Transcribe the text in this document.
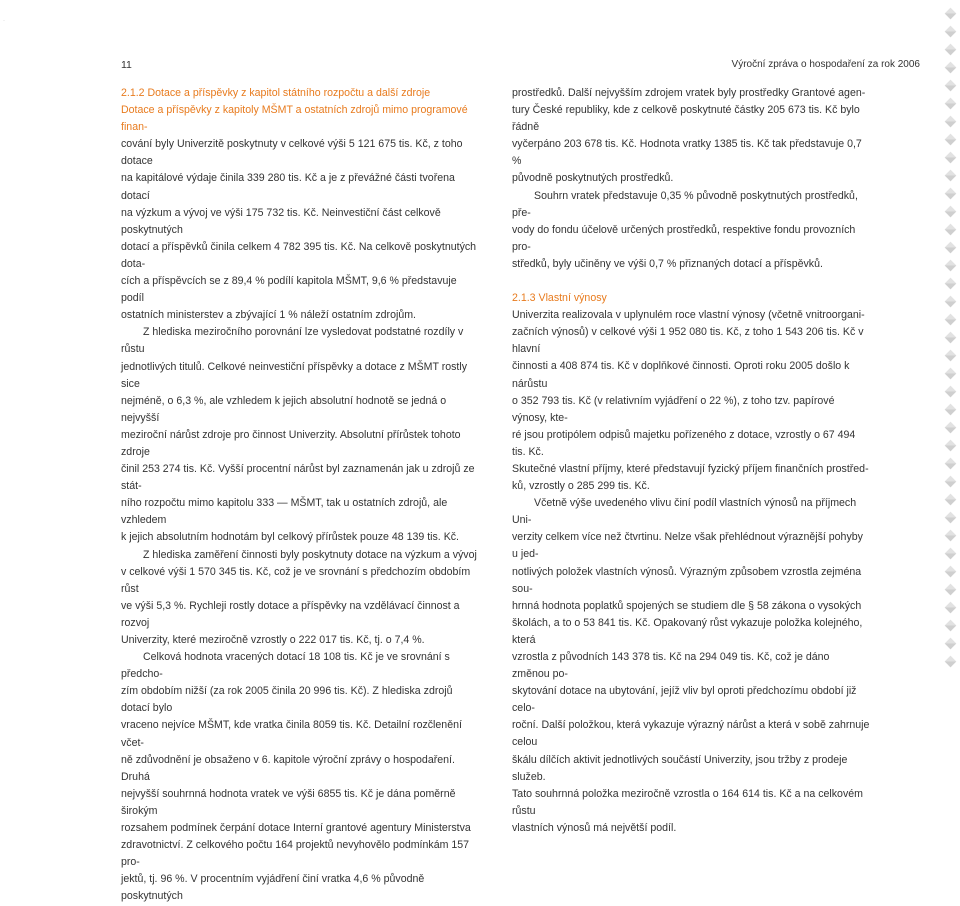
·
11	Výroční zpráva o hospodaření za rok 2006

2.1.2 Dotace a příspěvky z kapitol státního rozpočtu a další zdroje

Dotace a příspěvky z kapitoly MŠMT a ostatních zdrojů mimo programové finan-

cování byly Univerzitě poskytnuty v celkové výši 5 121 675 tis. Kč, z toho dotace

na kapitálové výdaje činila 339 280 tis. Kč a je z převážné části tvořena dotací

na výzkum a vývoj ve výši 175 732 tis. Kč. Neinvestiční část celkově poskytnutých

dotací a příspěvků činila celkem 4 782 395 tis. Kč. Na celkově poskytnutých dota-

cích a příspěvcích se z 89,4 % podílí kapitola MŠMT, 9,6 % představuje podíl

ostatních ministerstev a zbývající 1 % náleží ostatním zdrojům.

Z hlediska meziročního porovnání lze vysledovat podstatné rozdíly v růstu

jednotlivých titulů. Celkové neinvestiční příspěvky a dotace z MŠMT rostly sice

nejméně, o 6,3 %, ale vzhledem k jejich absolutní hodnotě se jedná o nejvyšší

meziroční nárůst zdroje pro činnost Univerzity. Absolutní přírůstek tohoto zdroje

činil 253 274 tis. Kč. Vyšší procentní nárůst byl zaznamenán jak u zdrojů ze stát-

ního rozpočtu mimo kapitolu 333 — MŠMT, tak u ostatních zdrojů, ale vzhledem

k jejich absolutním hodnotám byl celkový přírůstek pouze 48 139 tis. Kč.

Z hlediska zaměření činnosti byly poskytnuty dotace na výzkum a vývoj

v celkové výši 1 570 345 tis. Kč, což je ve srovnání s předchozím obdobím růst

ve výši 5,3 %. Rychleji rostly dotace a příspěvky na vzdělávací činnost a rozvoj

Univerzity, které meziročně vzrostly o 222 017 tis. Kč, tj. o 7,4 %.

Celková hodnota vracených dotací 18 108 tis. Kč je ve srovnání s předcho-

zím obdobím nižší (za rok 2005 činila 20 996 tis. Kč). Z hlediska zdrojů dotací bylo

vraceno nejvíce MŠMT, kde vratka činila 8059 tis. Kč. Detailní rozčlenění včet-

ně zdůvodnění je obsaženo v 6. kapitole výroční zprávy o hospodaření. Druhá

nejvyšší souhrnná hodnota vratek ve výši 6855 tis. Kč je dána poměrně širokým

rozsahem podmínek čerpání dotace Interní grantové agentury Ministerstva

zdravotnictví. Z celkového počtu 164 projektů nevyhovělo podmínkám 157 pro-

jektů, tj. 96 %. V procentním vyjádření činí vratka 4,6 % původně poskytnutých

prostředků. Další nejvyšším zdrojem vratek byly prostředky Grantové agen-

tury České republiky, kde z celkově poskytnuté částky 205 673 tis. Kč bylo řádně

vyčerpáno 203 678 tis. Kč. Hodnota vratky 1385 tis. Kč tak představuje 0,7 %

původně poskytnutých prostředků.

Souhrn vratek představuje 0,35 % původně poskytnutých prostředků, pře-

vody do fondu účelově určených prostředků, respektive fondu provozních pro-

středků, byly učiněny ve výši 0,7 % přiznaných dotací a příspěvků.

2.1.3 Vlastní výnosy

Univerzita realizovala v uplynulém roce vlastní výnosy (včetně vnitroorgani-

začních výnosů) v celkové výši 1 952 080 tis. Kč, z toho 1 543 206 tis. Kč v hlavní

činnosti a 408 874 tis. Kč v doplňkové činnosti. Oproti roku 2005 došlo k nárůstu

o 352 793 tis. Kč (v relativním vyjádření o 22 %), z toho tzv. papírové výnosy, kte-

ré jsou protipólem odpisů majetku pořízeného z dotace, vzrostly o 67 494 tis. Kč.

Skutečné vlastní příjmy, které představují fyzický příjem finančních prostřed-

ků, vzrostly o 285 299 tis. Kč.

Včetně výše uvedeného vlivu činí podíl vlastních výnosů na příjmech Uni-

verzity celkem více než čtvrtinu. Nelze však přehlédnout výraznější pohyby u jed-

notlivých položek vlastních výnosů. Výrazným způsobem vzrostla zejména sou-

hrnná hodnota poplatků spojených se studiem dle § 58 zákona o vysokých

školách, a to o 53 841 tis. Kč. Opakovaný růst vykazuje položka kolejného, která

vzrostla z původních 143 378 tis. Kč na 294 049 tis. Kč, což je dáno změnou po-

skytování dotace na ubytování, jejíž vliv byl oproti předchozímu období již celo-

roční. Další položkou, která vykazuje výrazný nárůst a která v sobě zahrnuje celou

škálu dílčích aktivit jednotlivých součástí Univerzity, jsou tržby z prodeje služeb.

Tato souhrnná položka meziročně vzrostla o 164 614 tis. Kč a na celkovém růstu

vlastních výnosů má největší podíl.
